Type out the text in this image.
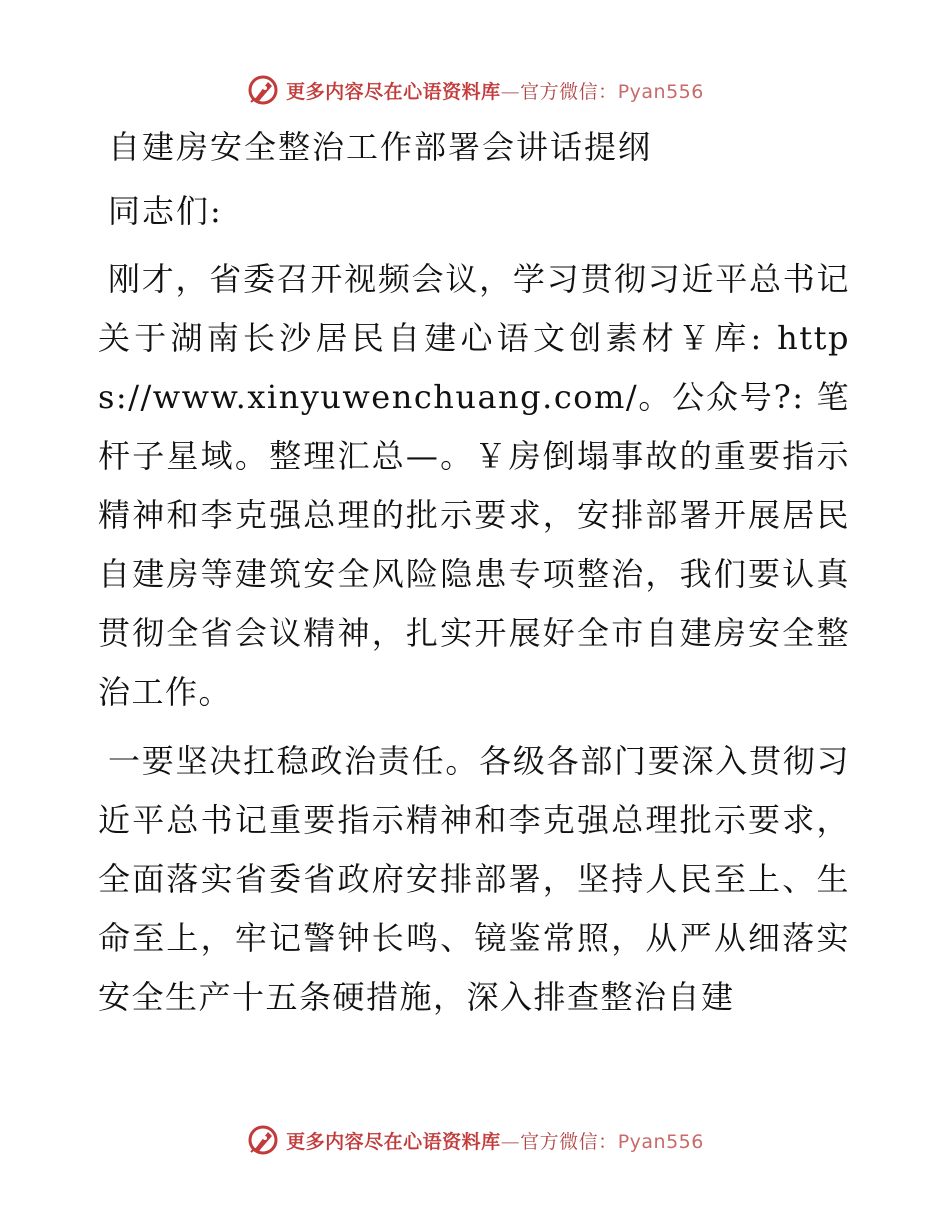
更多内容尽在心语资料库—官方微信：Pyan556
自建房安全整治工作部署会讲话提纲

同志们:

刚才，省委召开视频会议，学习贯彻习近平总书记关于湖南长沙居民自建心语文创素材￥库: https://www.xinyuwenchuang.com/。公众号?: 笔杆子星域。整理汇总—。￥房倒塌事故的重要指示精神和李克强总理的批示要求，安排部署开展居民自建房等建筑安全风险隐患专项整治，我们要认真贯彻全省会议精神，扎实开展好全市自建房安全整治工作。

一要坚决扛稳政治责任。各级各部门要深入贯彻习近平总书记重要指示精神和李克强总理批示要求，全面落实省委省政府安排部署，坚持人民至上、生命至上，牢记警钟长鸣、镜鉴常照，从严从细落实安全生产十五条硬措施，深入排查整治自建

更多内容尽在心语资料库—官方微信：Pyan556
